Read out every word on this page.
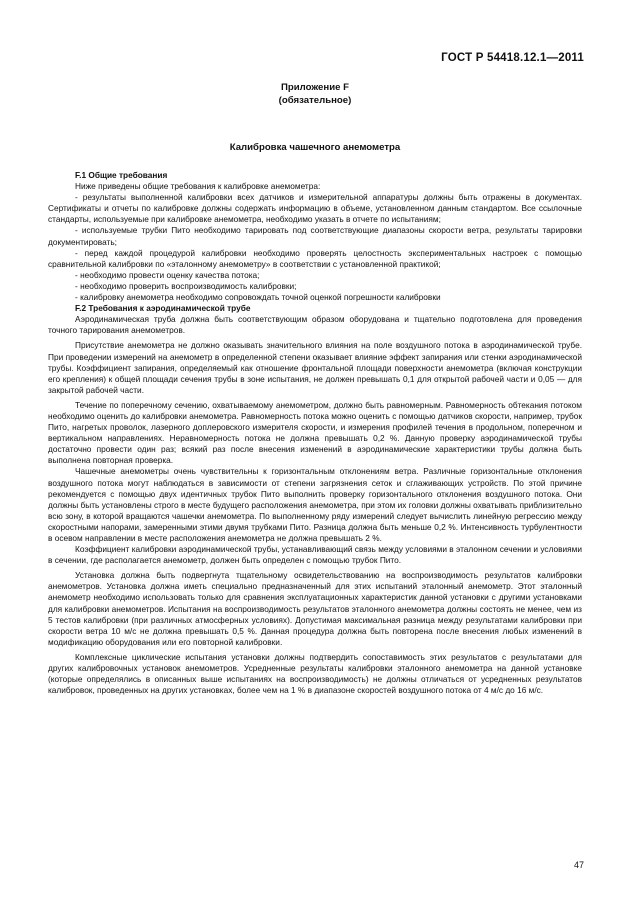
ГОСТ Р 54418.12.1—2011
Приложение F
(обязательное)
Калибровка чашечного анемометра
F.1 Общие требования

Ниже приведены общие требования к калибровке анемометра:

- результаты выполненной калибровки всех датчиков и измерительной аппаратуры должны быть отражены в документах. Сертификаты и отчеты по калибровке должны содержать информацию в объеме, установленном данным стандартом. Все ссылочные стандарты, используемые при калибровке анемометра, необходимо указать в отчете по испытаниям;

- используемые трубки Пито необходимо тарировать под соответствующие диапазоны скорости ветра, результаты тарировки документировать;

- перед каждой процедурой калибровки необходимо проверять целостность экспериментальных настроек с помощью сравнительной калибровки по «эталонному анемометру» в соответствии с установленной практикой;

- необходимо провести оценку качества потока;

- необходимо проверить воспроизводимость калибровки;

- калибровку анемометра необходимо сопровождать точной оценкой погрешности калибровки

F.2 Требования к аэродинамической трубе

Аэродинамическая труба должна быть соответствующим образом оборудована и тщательно подготовлена для проведения точного тарирования анемометров.

Присутствие анемометра не должно оказывать значительного влияния на поле воздушного потока в аэродинамической трубе. При проведении измерений на анемометр в определенной степени оказывает влияние эффект запирания или стенки аэродинамической трубы. Коэффициент запирания, определяемый как отношение фронтальной площади поверхности анемометра (включая конструкции его крепления) к общей площади сечения трубы в зоне испытания, не должен превышать 0,1 для открытой рабочей части и 0,05 — для закрытой рабочей части.

Течение по поперечному сечению, охватываемому анемометром, должно быть равномерным. Равномерность обтекания потоком необходимо оценить до калибровки анемометра. Равномерность потока можно оценить с помощью датчиков скорости, например, трубок Пито, нагретых проволок, лазерного доплеровского измерителя скорости, и измерения профилей течения в продольном, поперечном и вертикальном направлениях. Неравномерность потока не должна превышать 0,2 %. Данную проверку аэродинамической трубы достаточно провести один раз; всякий раз после внесения изменений в аэродинамические характеристики трубы должна быть выполнена повторная проверка.

Чашечные анемометры очень чувствительны к горизонтальным отклонениям ветра. Различные горизонтальные отклонения воздушного потока могут наблюдаться в зависимости от степени загрязнения сеток и сглаживающих устройств. По этой причине рекомендуется с помощью двух идентичных трубок Пито выполнить проверку горизонтального отклонения воздушного потока. Они должны быть установлены строго в месте будущего расположения анемометра, при этом их головки должны охватывать приблизительно всю зону, в которой вращаются чашечки анемометра. По выполненному ряду измерений следует вычислить линейную регрессию между скоростными напорами, замеренными этими двумя трубками Пито. Разница должна быть меньше 0,2 %. Интенсивность турбулентности в осевом направлении в месте расположения анемометра не должна превышать 2 %.

Коэффициент калибровки аэродинамической трубы, устанавливающий связь между условиями в эталонном сечении и условиями в сечении, где располагается анемометр, должен быть определен с помощью трубок Пито.

Установка должна быть подвергнута тщательному освидетельствованию на воспроизводимость результатов калибровки анемометров. Установка должна иметь специально предназначенный для этих испытаний эталонный анемометр. Этот эталонный анемометр необходимо использовать только для сравнения эксплуатационных характеристик данной установки с другими установками для калибровки анемометров. Испытания на воспроизводимость результатов эталонного анемометра должны состоять не менее, чем из 5 тестов калибровки (при различных атмосферных условиях). Допустимая максимальная разница между результатами калибровки при скорости ветра 10 м/с не должна превышать 0,5 %. Данная процедура должна быть повторена после внесения любых изменений в модификацию оборудования или его повторной калибровки.

Комплексные циклические испытания установки должны подтвердить сопоставимость этих результатов с результатами для других калибровочных установок анемометров. Усредненные результаты калибровки эталонного анемометра на данной установке (которые определялись в описанных выше испытаниях на воспроизводимость) не должны отличаться от усредненных результатов калибровок, проведенных на других установках, более чем на 1 % в диапазоне скоростей воздушного потока от 4 м/с до 16 м/с.

47
